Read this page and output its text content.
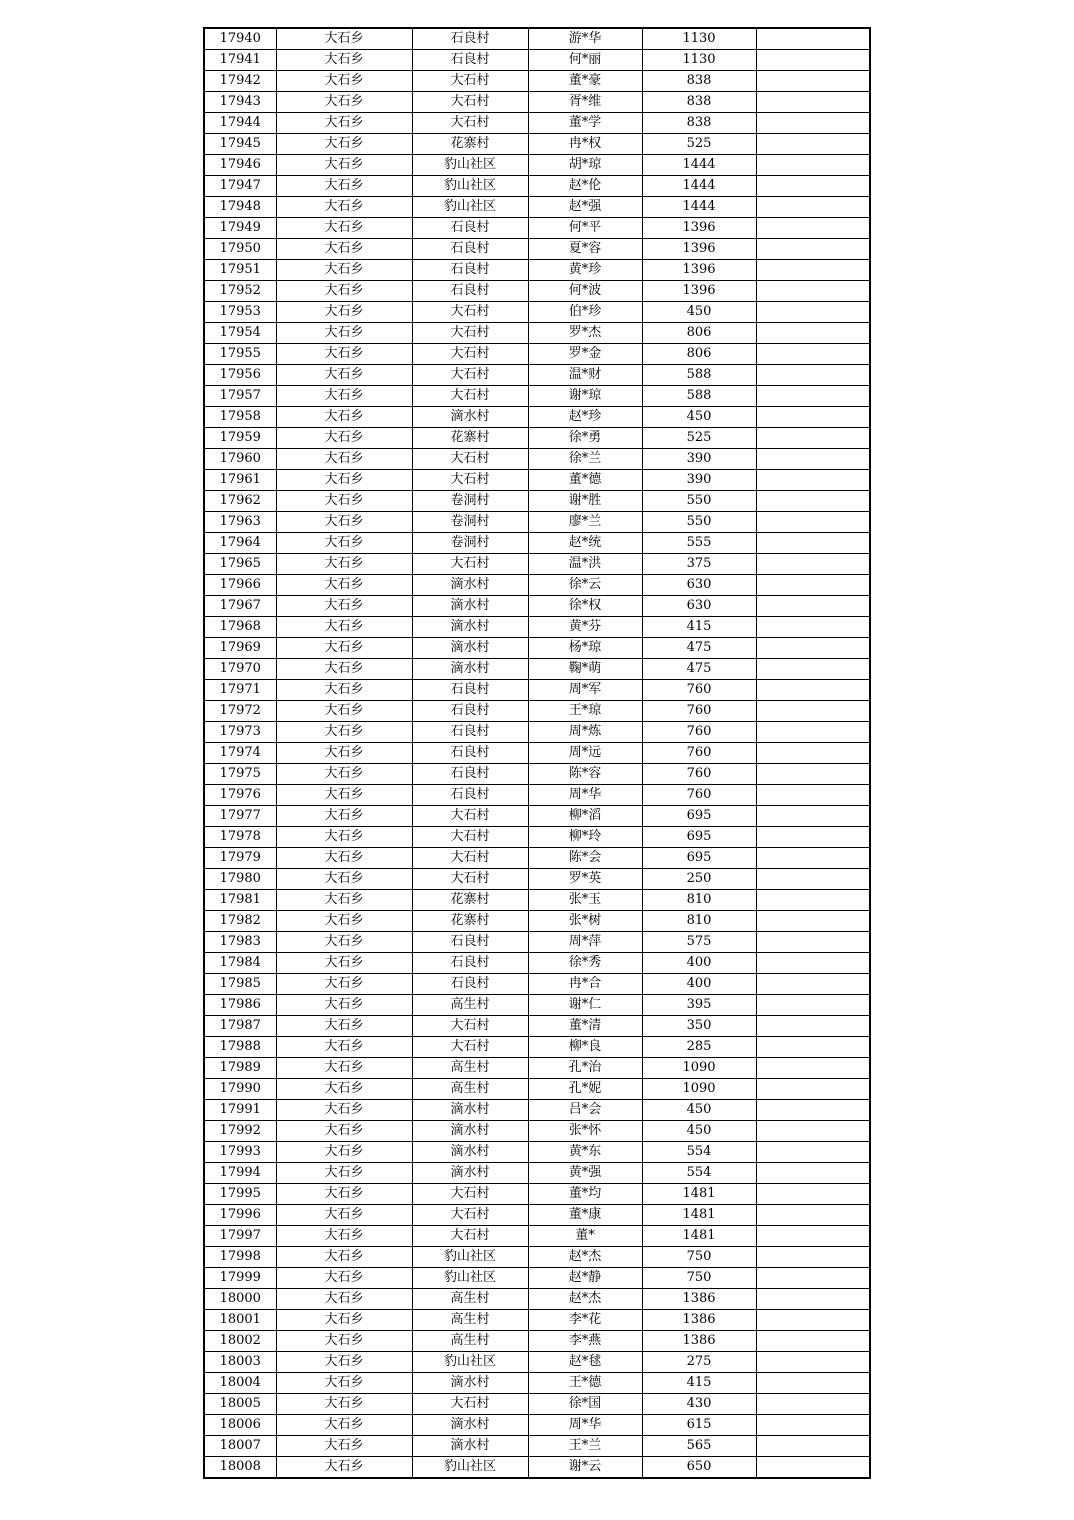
17940	大石乡	石良村	游*华	1130	
17941	大石乡	石良村	何*丽	1130	
17942	大石乡	大石村	董*豪	838	
17943	大石乡	大石村	胥*维	838	
17944	大石乡	大石村	董*学	838	
17945	大石乡	花寨村	冉*权	525	
17946	大石乡	豹山社区	胡*琼	1444	
17947	大石乡	豹山社区	赵*伦	1444	
17948	大石乡	豹山社区	赵*强	1444	
17949	大石乡	石良村	何*平	1396	
17950	大石乡	石良村	夏*容	1396	
17951	大石乡	石良村	黄*珍	1396	
17952	大石乡	石良村	何*波	1396	
17953	大石乡	大石村	伯*珍	450	
17954	大石乡	大石村	罗*杰	806	
17955	大石乡	大石村	罗*金	806	
17956	大石乡	大石村	温*财	588	
17957	大石乡	大石村	谢*琼	588	
17958	大石乡	滴水村	赵*珍	450	
17959	大石乡	花寨村	徐*勇	525	
17960	大石乡	大石村	徐*兰	390	
17961	大石乡	大石村	董*德	390	
17962	大石乡	卷洞村	谢*胜	550	
17963	大石乡	卷洞村	廖*兰	550	
17964	大石乡	卷洞村	赵*统	555	
17965	大石乡	大石村	温*洪	375	
17966	大石乡	滴水村	徐*云	630	
17967	大石乡	滴水村	徐*权	630	
17968	大石乡	滴水村	黄*芬	415	
17969	大石乡	滴水村	杨*琼	475	
17970	大石乡	滴水村	鞠*萌	475	
17971	大石乡	石良村	周*军	760	
17972	大石乡	石良村	王*琼	760	
17973	大石乡	石良村	周*炼	760	
17974	大石乡	石良村	周*远	760	
17975	大石乡	石良村	陈*容	760	
17976	大石乡	石良村	周*华	760	
17977	大石乡	大石村	柳*滔	695	
17978	大石乡	大石村	柳*玲	695	
17979	大石乡	大石村	陈*会	695	
17980	大石乡	大石村	罗*英	250	
17981	大石乡	花寨村	张*玉	810	
17982	大石乡	花寨村	张*树	810	
17983	大石乡	石良村	周*萍	575	
17984	大石乡	石良村	徐*秀	400	
17985	大石乡	石良村	冉*合	400	
17986	大石乡	高生村	谢*仁	395	
17987	大石乡	大石村	董*清	350	
17988	大石乡	大石村	柳*良	285	
17989	大石乡	高生村	孔*治	1090	
17990	大石乡	高生村	孔*妮	1090	
17991	大石乡	滴水村	吕*会	450	
17992	大石乡	滴水村	张*怀	450	
17993	大石乡	滴水村	黄*东	554	
17994	大石乡	滴水村	黄*强	554	
17995	大石乡	大石村	董*均	1481	
17996	大石乡	大石村	董*康	1481	
17997	大石乡	大石村	董*	1481	
17998	大石乡	豹山社区	赵*杰	750	
17999	大石乡	豹山社区	赵*静	750	
18000	大石乡	高生村	赵*杰	1386	
18001	大石乡	高生村	李*花	1386	
18002	大石乡	高生村	李*燕	1386	
18003	大石乡	豹山社区	赵*毬	275	
18004	大石乡	滴水村	王*德	415	
18005	大石乡	大石村	徐*国	430	
18006	大石乡	滴水村	周*华	615	
18007	大石乡	滴水村	王*兰	565	
18008	大石乡	豹山社区	谢*云	650	
